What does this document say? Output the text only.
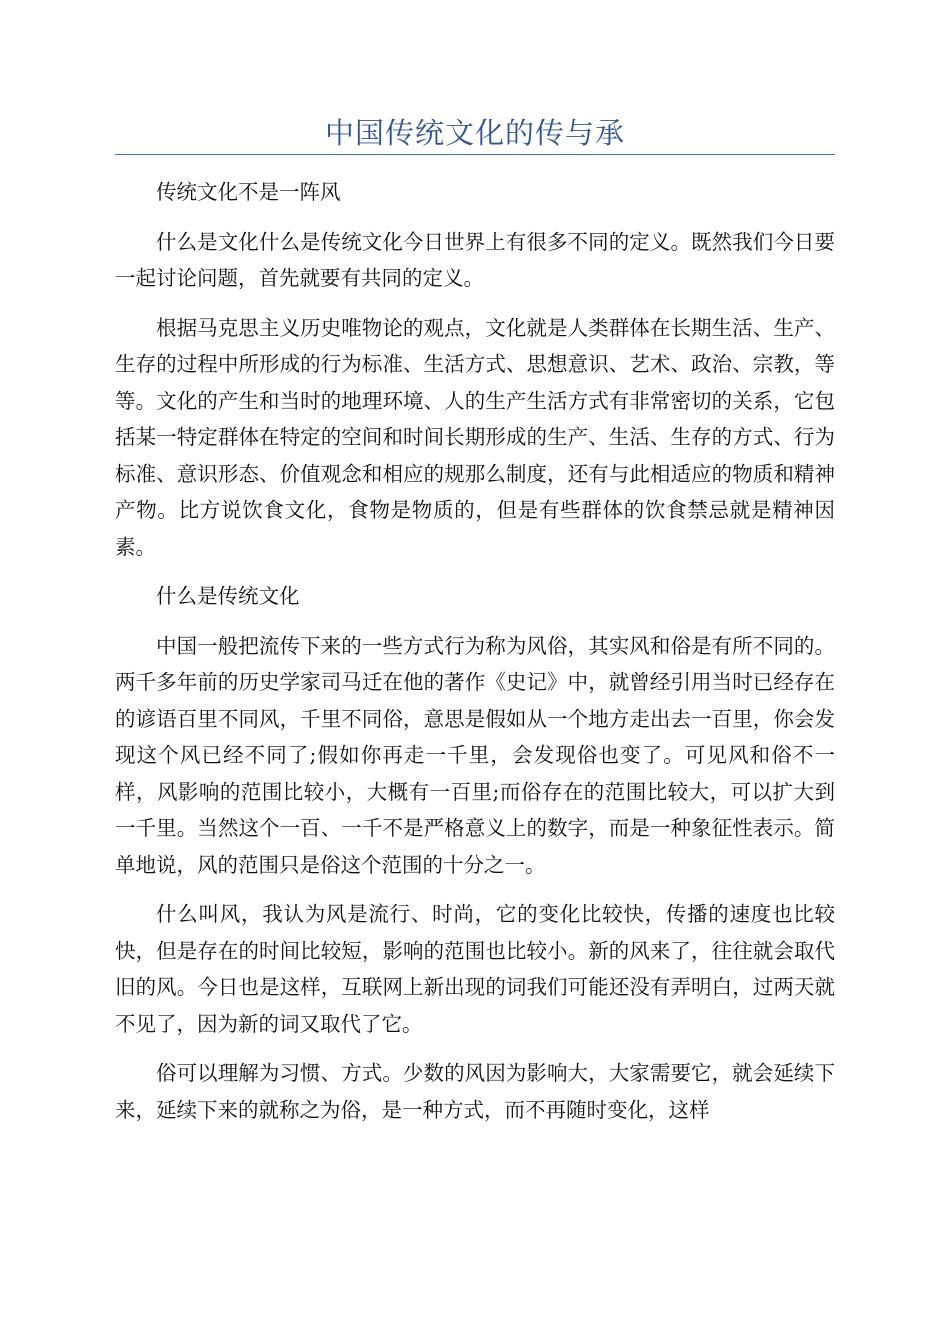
中国传统文化的传与承

传统文化不是一阵风

什么是文化什么是传统文化今日世界上有很多不同的定义。既然我们今日要一起讨论问题，首先就要有共同的定义。

根据马克思主义历史唯物论的观点，文化就是人类群体在长期生活、生产、生存的过程中所形成的行为标准、生活方式、思想意识、艺术、政治、宗教，等等。文化的产生和当时的地理环境、人的生产生活方式有非常密切的关系，它包括某一特定群体在特定的空间和时间长期形成的生产、生活、生存的方式、行为标准、意识形态、价值观念和相应的规那么制度，还有与此相适应的物质和精神产物。比方说饮食文化，食物是物质的，但是有些群体的饮食禁忌就是精神因素。

什么是传统文化

中国一般把流传下来的一些方式行为称为风俗，其实风和俗是有所不同的。两千多年前的历史学家司马迁在他的著作《史记》中，就曾经引用当时已经存在的谚语百里不同风，千里不同俗，意思是假如从一个地方走出去一百里，你会发现这个风已经不同了;假如你再走一千里，会发现俗也变了。可见风和俗不一样，风影响的范围比较小，大概有一百里;而俗存在的范围比较大，可以扩大到一千里。当然这个一百、一千不是严格意义上的数字，而是一种象征性表示。简单地说，风的范围只是俗这个范围的十分之一。

什么叫风，我认为风是流行、时尚，它的变化比较快，传播的速度也比较快，但是存在的时间比较短，影响的范围也比较小。新的风来了，往往就会取代旧的风。今日也是这样，互联网上新出现的词我们可能还没有弄明白，过两天就不见了，因为新的词又取代了它。

俗可以理解为习惯、方式。少数的风因为影响大，大家需要它，就会延续下来，延续下来的就称之为俗，是一种方式，而不再随时变化，这样
